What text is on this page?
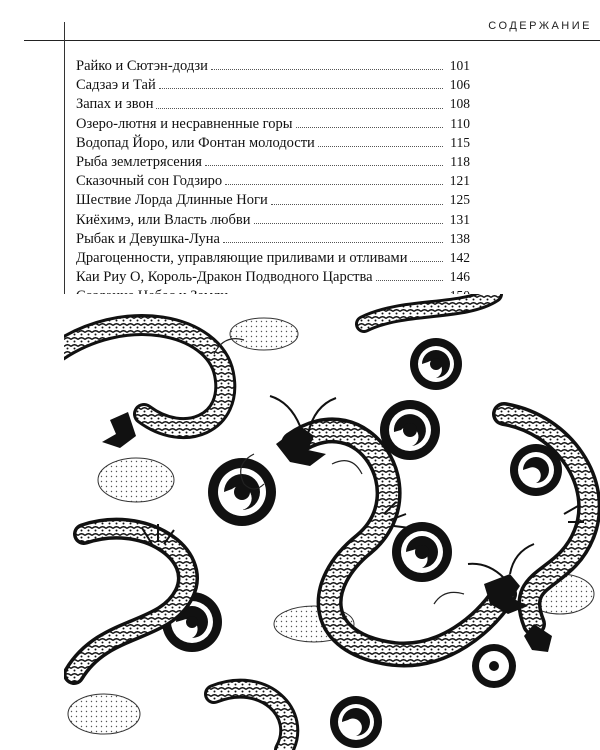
СОДЕРЖАНИЕ
Райко и Сютэн-додзи	101
Садзаэ и Тай	106
Запах и звон	108
Озеро-лютня и несравненные горы	110
Водопад Йоро, или Фонтан молодости	115
Рыба землетрясения	118
Сказочный сон Годзиро	121
Шествие Лорда Длинные Ноги	125
Киёхимэ, или Власть любви	131
Рыбак и Девушка-Луна	138
Драгоценности, управляющие приливами и отливами	142
Каи Риу О, Король-Дракон Подводного Царства	146
